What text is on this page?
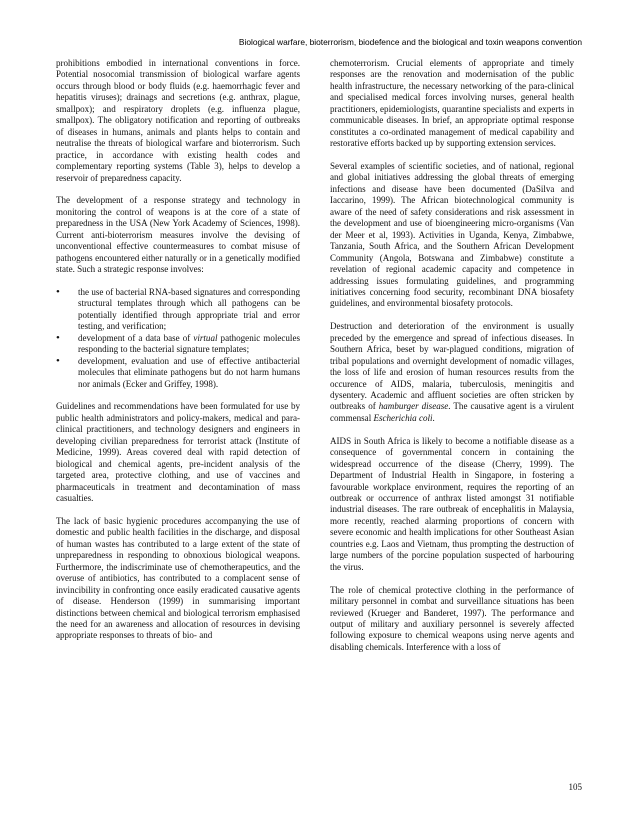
Biological warfare, bioterrorism, biodefence and the biological and toxin weapons convention

prohibitions embodied in international conventions in force. Potential nosocomial transmission of biological warfare agents occurs through blood or body fluids (e.g. haemorrhagic fever and hepatitis viruses); drainags and secretions (e.g. anthrax, plague, smallpox); and respiratory droplets (e.g. influenza plague, smallpox). The obligatory notification and reporting of outbreaks of diseases in humans, animals and plants helps to contain and neutralise the threats of biological warfare and bioterrorism. Such practice, in accordance with existing health codes and complementary reporting systems (Table 3), helps to develop a reservoir of preparedness capacity.

The development of a response strategy and technology in monitoring the control of weapons is at the core of a state of preparedness in the USA (New York Academy of Sciences, 1998). Current anti-bioterrorism measures involve the devising of unconventional effective countermeasures to combat misuse of pathogens encountered either naturally or in a genetically modified state. Such a strategic response involves:

• the use of bacterial RNA-based signatures and corresponding structural templates through which all pathogens can be potentially identified through appropriate trial and error testing, and verification;
• development of a data base of virtual pathogenic molecules responding to the bacterial signature templates;
• development, evaluation and use of effective antibacterial molecules that eliminate pathogens but do not harm humans nor animals (Ecker and Griffey, 1998).

Guidelines and recommendations have been formulated for use by public health administrators and policy-makers, medical and para-clinical practitioners, and technology designers and engineers in developing civilian preparedness for terrorist attack (Institute of Medicine, 1999). Areas covered deal with rapid detection of biological and chemical agents, pre-incident analysis of the targeted area, protective clothing, and use of vaccines and pharmaceuticals in treatment and decontamination of mass casualties.

The lack of basic hygienic procedures accompanying the use of domestic and public health facilities in the discharge, and disposal of human wastes has contributed to a large extent of the state of unpreparedness in responding to obnoxious biological weapons. Furthermore, the indiscriminate use of chemotherapeutics, and the overuse of antibiotics, has contributed to a complacent sense of invincibility in confronting once easily eradicated causative agents of disease. Henderson (1999) in summarising important distinctions between chemical and biological terrorism emphasised the need for an awareness and allocation of resources in devising appropriate responses to threats of bio- and

chemoterrorism. Crucial elements of appropriate and timely responses are the renovation and modernisation of the public health infrastructure, the necessary networking of the para-clinical and specialised medical forces involving nurses, general health practitioners, epidemiologists, quarantine specialists and experts in communicable diseases. In brief, an appropriate optimal response constitutes a co-ordinated management of medical capability and restorative efforts backed up by supporting extension services.

Several examples of scientific societies, and of national, regional and global initiatives addressing the global threats of emerging infections and disease have been documented (DaSilva and Iaccarino, 1999). The African biotechnological community is aware of the need of safety considerations and risk assessment in the development and use of bioengineering micro-organisms (Van der Meer et al, 1993). Activities in Uganda, Kenya, Zimbabwe, Tanzania, South Africa, and the Southern African Development Community (Angola, Botswana and Zimbabwe) constitute a revelation of regional academic capacity and competence in addressing issues formulating guidelines, and programming initiatives concerning food security, recombinant DNA biosafety guidelines, and environmental biosafety protocols.

Destruction and deterioration of the environment is usually preceded by the emergence and spread of infectious diseases. In Southern Africa, beset by war-plagued conditions, migration of tribal populations and overnight development of nomadic villages, the loss of life and erosion of human resources results from the occurence of AIDS, malaria, tuberculosis, meningitis and dysentery. Academic and affluent societies are often stricken by outbreaks of hamburger disease. The causative agent is a virulent commensal Escherichia coli.

AIDS in South Africa is likely to become a notifiable disease as a consequence of governmental concern in containing the widespread occurrence of the disease (Cherry, 1999). The Department of Industrial Health in Singapore, in fostering a favourable workplace environment, requires the reporting of an outbreak or occurrence of anthrax listed amongst 31 notifiable industrial diseases. The rare outbreak of encephalitis in Malaysia, more recently, reached alarming proportions of concern with severe economic and health implications for other Southeast Asian countries e.g. Laos and Vietnam, thus prompting the destruction of large numbers of the porcine population suspected of harbouring the virus.

The role of chemical protective clothing in the performance of military personnel in combat and surveillance situations has been reviewed (Krueger and Banderet, 1997). The performance and output of military and auxiliary personnel is severely affected following exposure to chemical weapons using nerve agents and disabling chemicals. Interference with a loss of

105
